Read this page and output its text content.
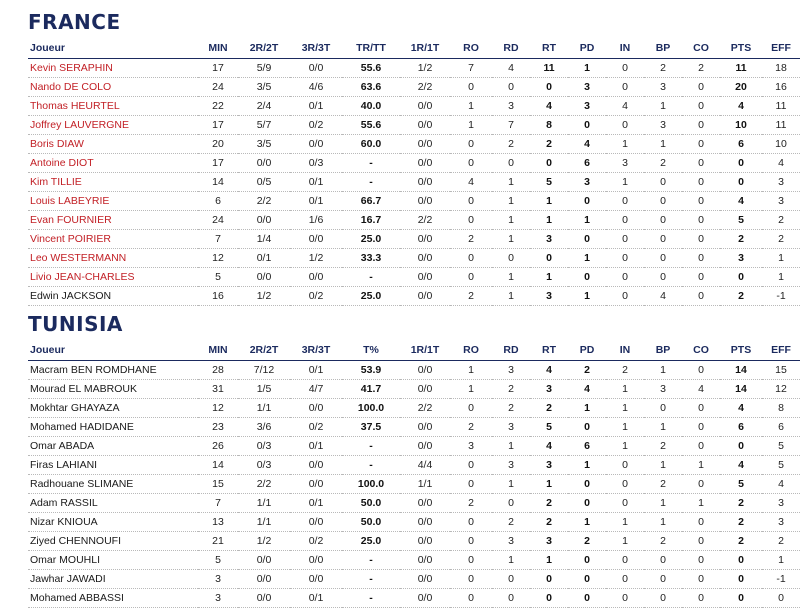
FRANCE
Joueur	MIN	2R/2T	3R/3T	TR/TT	1R/1T	RO	RD	RT	PD	IN	BP	CO	PTS	EFF
Kevin SERAPHIN	17	5/9	0/0	55.6	1/2	7	4	11	1	0	2	2	11	18
Nando DE COLO	24	3/5	4/6	63.6	2/2	0	0	0	3	0	3	0	20	16
Thomas HEURTEL	22	2/4	0/1	40.0	0/0	1	3	4	3	4	1	0	4	11
Joffrey LAUVERGNE	17	5/7	0/2	55.6	0/0	1	7	8	0	0	3	0	10	11
Boris DIAW	20	3/5	0/0	60.0	0/0	0	2	2	4	1	1	0	6	10
Antoine DIOT	17	0/0	0/3	-	0/0	0	0	0	6	3	2	0	0	4
Kim TILLIE	14	0/5	0/1	-	0/0	4	1	5	3	1	0	0	0	3
Louis LABEYRIE	6	2/2	0/1	66.7	0/0	0	1	1	0	0	0	0	4	3
Evan FOURNIER	24	0/0	1/6	16.7	2/2	0	1	1	1	0	0	0	5	2
Vincent POIRIER	7	1/4	0/0	25.0	0/0	2	1	3	0	0	0	0	2	2
Leo WESTERMANN	12	0/1	1/2	33.3	0/0	0	0	0	1	0	0	0	3	1
Livio JEAN-CHARLES	5	0/0	0/0	-	0/0	0	1	1	0	0	0	0	0	1
Edwin JACKSON	16	1/2	0/2	25.0	0/0	2	1	3	1	0	4	0	2	-1
TUNISIA
Joueur	MIN	2R/2T	3R/3T	T%	1R/1T	RO	RD	RT	PD	IN	BP	CO	PTS	EFF
Macram BEN ROMDHANE	28	7/12	0/1	53.9	0/0	1	3	4	2	2	1	0	14	15
Mourad EL MABROUK	31	1/5	4/7	41.7	0/0	1	2	3	4	1	3	4	14	12
Mokhtar GHAYAZA	12	1/1	0/0	100.0	2/2	0	2	2	1	1	0	0	4	8
Mohamed HADIDANE	23	3/6	0/2	37.5	0/0	2	3	5	0	1	1	0	6	6
Omar ABADA	26	0/3	0/1	-	0/0	3	1	4	6	1	2	0	0	5
Firas LAHIANI	14	0/3	0/0	-	4/4	0	3	3	1	0	1	1	4	5
Radhouane SLIMANE	15	2/2	0/0	100.0	1/1	0	1	1	0	0	2	0	5	4
Adam RASSIL	7	1/1	0/1	50.0	0/0	2	0	2	0	0	1	1	2	3
Nizar KNIOUA	13	1/1	0/0	50.0	0/0	0	2	2	1	1	1	0	2	3
Ziyed CHENNOUFI	21	1/2	0/2	25.0	0/0	0	3	3	2	1	2	0	2	2
Omar MOUHLI	5	0/0	0/0	-	0/0	0	1	1	0	0	0	0	0	1
Jawhar JAWADI	3	0/0	0/0	-	0/0	0	0	0	0	0	0	0	0	-1
Mohamed ABBASSI	3	0/0	0/1	-	0/0	0	0	0	0	0	0	0	0	0
